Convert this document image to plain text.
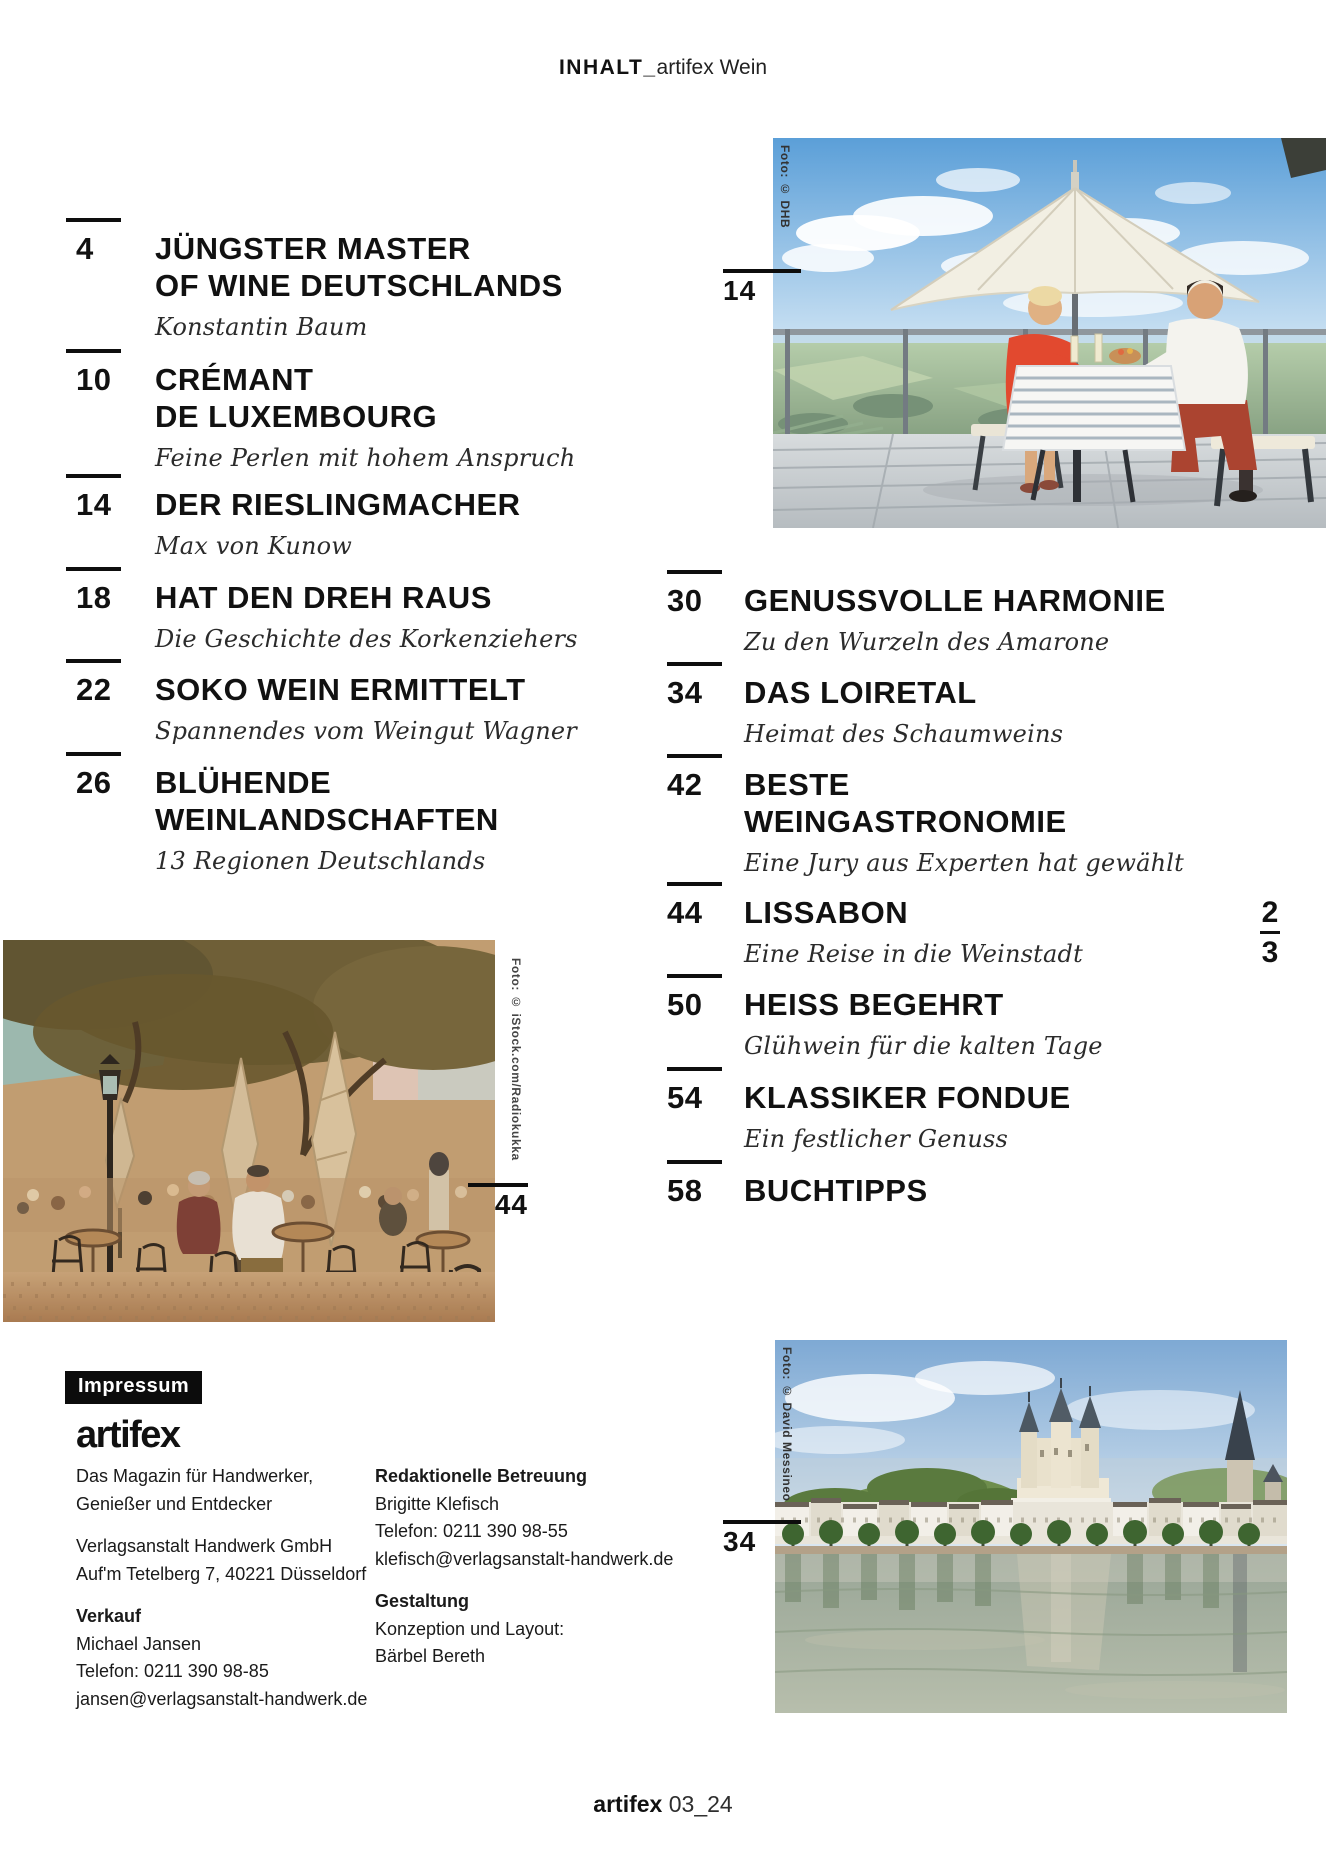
INHALT_artifex Wein
4	JÜNGSTER MASTER
OF WINE DEUTSCHLANDS
Konstantin Baum
10	CRÉMANT
DE LUXEMBOURG
Feine Perlen mit hohem Anspruch
14	DER RIESLINGMACHER
Max von Kunow
18	HAT DEN DREH RAUS
Die Geschichte des Korkenziehers
22	SOKO WEIN ERMITTELT
Spannendes vom Weingut Wagner
26	BLÜHENDE
WEINLANDSCHAFTEN
13 Regionen Deutschlands
30	GENUSSVOLLE HARMONIE
Zu den Wurzeln des Amarone
34	DAS LOIRETAL
Heimat des Schaumweins
42	BESTE
WEINGASTRONOMIE
Eine Jury aus Experten hat gewählt
44	LISSABON
Eine Reise in die Weinstadt
50	HEISS BEGEHRT
Glühwein für die kalten Tage
54	KLASSIKER FONDUE
Ein festlicher Genuss
58	BUCHTIPPS
Foto: © DHB
Foto: © iStock.com/Radiokukka
Foto: © David Messineo
14
44
34
2
3
Impressum
artifex

Das Magazin für Handwerker,

Genießer und Entdecker

Verlagsanstalt Handwerk GmbH

Auf'm Tetelberg 7, 40221 Düsseldorf

Verkauf

Michael Jansen

Telefon: 0211 390 98-85

jansen@verlagsanstalt-handwerk.de

Redaktionelle Betreuung

Brigitte Klefisch

Telefon: 0211 390 98-55

klefisch@verlagsanstalt-handwerk.de

Gestaltung

Konzeption und Layout:

Bärbel Bereth

artifex 03_24
